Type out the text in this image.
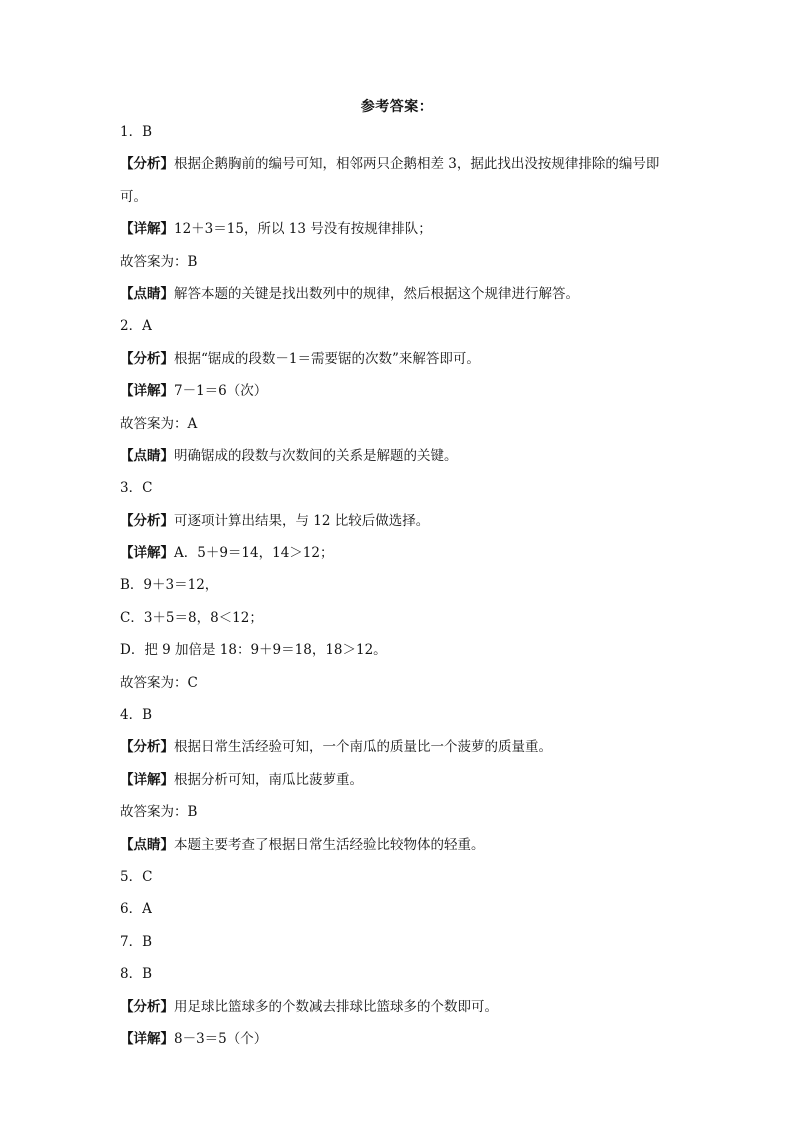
参考答案：
1．B
【分析】根据企鹅胸前的编号可知，相邻两只企鹅相差 3，据此找出没按规律排除的编号即
可。
【详解】12＋3＝15，所以 13 号没有按规律排队；
故答案为：B
【点睛】解答本题的关键是找出数列中的规律，然后根据这个规律进行解答。
2．A
【分析】根据“锯成的段数－1＝需要锯的次数”来解答即可。
【详解】7－1＝6（次）
故答案为：A
【点睛】明确锯成的段数与次数间的关系是解题的关键。
3．C
【分析】可逐项计算出结果，与 12 比较后做选择。
【详解】A．5＋9＝14，14＞12；
B．9＋3＝12，
C．3＋5＝8，8＜12；
D．把 9 加倍是 18：9＋9＝18，18＞12。
故答案为：C
4．B
【分析】根据日常生活经验可知，一个南瓜的质量比一个菠萝的质量重。
【详解】根据分析可知，南瓜比菠萝重。
故答案为：B
【点睛】本题主要考查了根据日常生活经验比较物体的轻重。
5．C
6．A
7．B
8．B
【分析】用足球比篮球多的个数减去排球比篮球多的个数即可。
【详解】8－3＝5（个）
